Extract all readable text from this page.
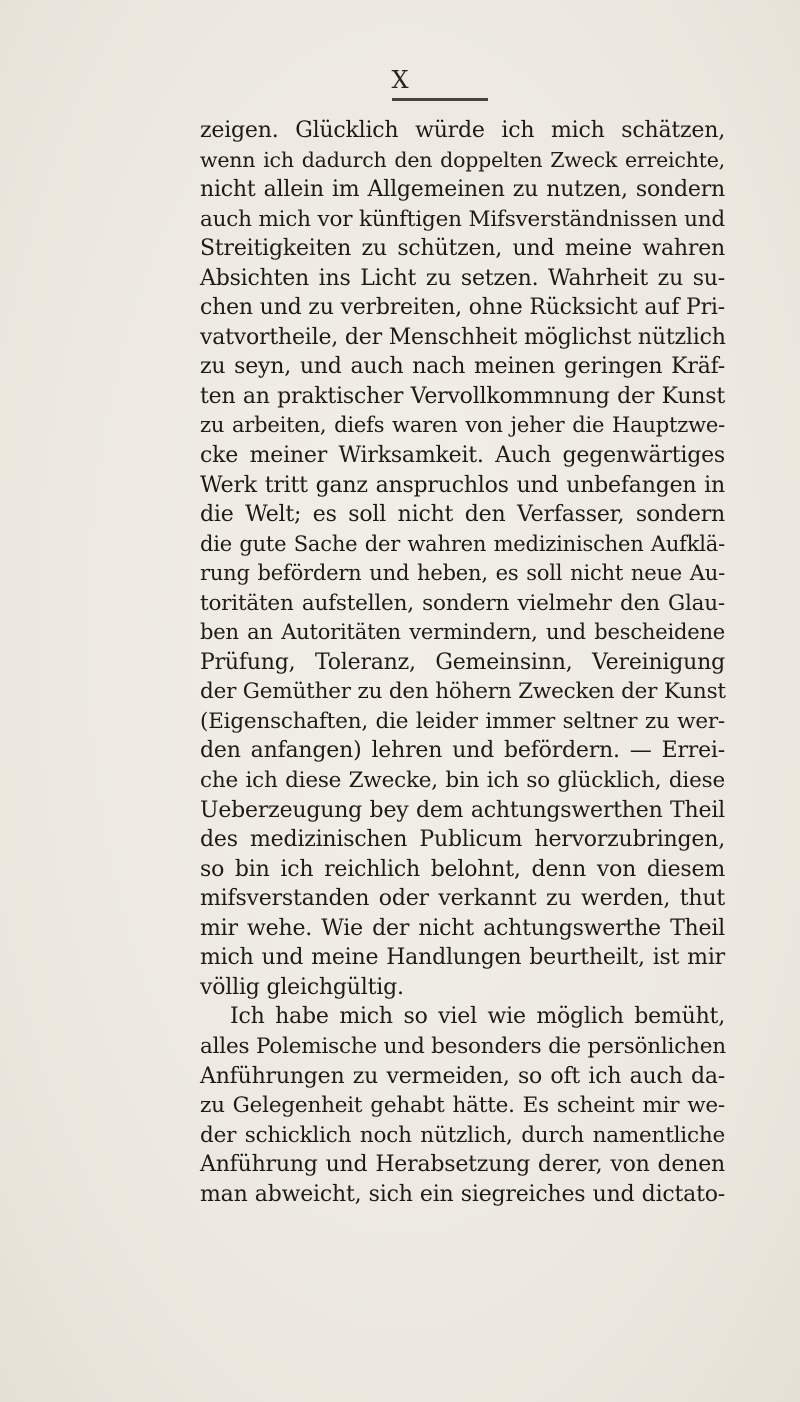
X
zeigen. Glücklich würde ich mich schätzen,
wenn ich dadurch den doppelten Zweck erreichte,
nicht allein im Allgemeinen zu nutzen, sondern
auch mich vor künftigen Mifsverständnissen und
Streitigkeiten zu schützen, und meine wahren
Absichten ins Licht zu setzen. Wahrheit zu su-
chen und zu verbreiten, ohne Rücksicht auf Pri-
vatvortheile, der Menschheit möglichst nützlich
zu seyn, und auch nach meinen geringen Kräf-
ten an praktischer Vervollkommnung der Kunst
zu arbeiten, diefs waren von jeher die Hauptzwe-
cke meiner Wirksamkeit. Auch gegenwärtiges
Werk tritt ganz anspruchlos und unbefangen in
die Welt; es soll nicht den Verfasser, sondern
die gute Sache der wahren medizinischen Aufklä-
rung befördern und heben, es soll nicht neue Au-
toritäten aufstellen, sondern vielmehr den Glau-
ben an Autoritäten vermindern, und bescheidene
Prüfung, Toleranz, Gemeinsinn, Vereinigung
der Gemüther zu den höhern Zwecken der Kunst
(Eigenschaften, die leider immer seltner zu wer-
den anfangen) lehren und befördern. — Errei-
che ich diese Zwecke, bin ich so glücklich, diese
Ueberzeugung bey dem achtungswerthen Theil
des medizinischen Publicum hervorzubringen,
so bin ich reichlich belohnt, denn von diesem
mifsverstanden oder verkannt zu werden, thut
mir wehe. Wie der nicht achtungswerthe Theil
mich und meine Handlungen beurtheilt, ist mir
völlig gleichgültig.
Ich habe mich so viel wie möglich bemüht,
alles Polemische und besonders die persönlichen
Anführungen zu vermeiden, so oft ich auch da-
zu Gelegenheit gehabt hätte. Es scheint mir we-
der schicklich noch nützlich, durch namentliche
Anführung und Herabsetzung derer, von denen
man abweicht, sich ein siegreiches und dictato-
